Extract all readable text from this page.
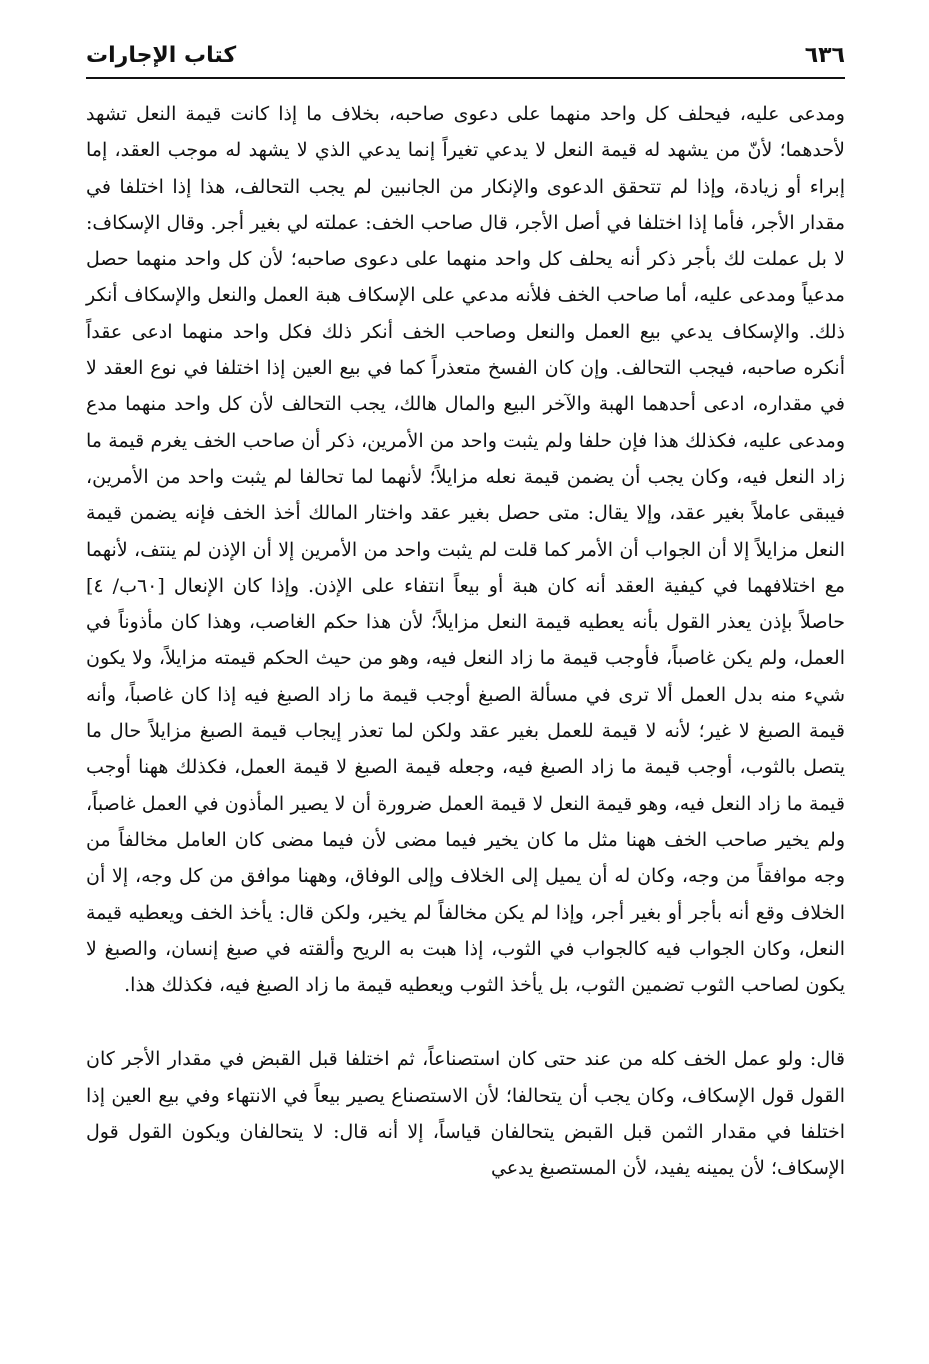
٦٣٦
كتاب الإجارات

ومدعى عليه، فيحلف كل واحد منهما على دعوى صاحبه، بخلاف ما إذا كانت قيمة النعل تشهد لأحدهما؛ لأنّ من يشهد له قيمة النعل لا يدعي تغيراً إنما يدعي الذي لا يشهد له موجب العقد، إما إبراء أو زيادة، وإذا لم تتحقق الدعوى والإنكار من الجانبين لم يجب التحالف، هذا إذا اختلفا في مقدار الأجر، فأما إذا اختلفا في أصل الأجر، قال صاحب الخف: عملته لي بغير أجر. وقال الإسكاف: لا بل عملت لك بأجر ذكر أنه يحلف كل واحد منهما على دعوى صاحبه؛ لأن كل واحد منهما حصل مدعياً ومدعى عليه، أما صاحب الخف فلأنه مدعي على الإسكاف هبة العمل والنعل والإسكاف أنكر ذلك. والإسكاف يدعي بيع العمل والنعل وصاحب الخف أنكر ذلك فكل واحد منهما ادعى عقداً أنكره صاحبه، فيجب التحالف. وإن كان الفسخ متعذراً كما في بيع العين إذا اختلفا في نوع العقد لا في مقداره، ادعى أحدهما الهبة والآخر البيع والمال هالك، يجب التحالف لأن كل واحد منهما مدع ومدعى عليه، فكذلك هذا فإن حلفا ولم يثبت واحد من الأمرين، ذكر أن صاحب الخف يغرم قيمة ما زاد النعل فيه، وكان يجب أن يضمن قيمة نعله مزايلاً؛ لأنهما لما تحالفا لم يثبت واحد من الأمرين، فيبقى عاملاً بغير عقد، وإلا يقال: متى حصل بغير عقد واختار المالك أخذ الخف فإنه يضمن قيمة النعل مزايلاً إلا أن الجواب أن الأمر كما قلت لم يثبت واحد من الأمرين إلا أن الإذن لم ينتف، لأنهما مع اختلافهما في كيفية العقد أنه كان هبة أو بيعاً انتفاء على الإذن. وإذا كان الإنعال [٦٠ب/ ٤] حاصلاً بإذن يعذر القول بأنه يعطيه قيمة النعل مزايلاً؛ لأن هذا حكم الغاصب، وهذا كان مأذوناً في العمل، ولم يكن غاصباً، فأوجب قيمة ما زاد النعل فيه، وهو من حيث الحكم قيمته مزايلاً، ولا يكون شيء منه بدل العمل ألا ترى في مسألة الصبغ أوجب قيمة ما زاد الصبغ فيه إذا كان غاصباً، وأنه قيمة الصبغ لا غير؛ لأنه لا قيمة للعمل بغير عقد ولكن لما تعذر إيجاب قيمة الصبغ مزايلاً حال ما يتصل بالثوب، أوجب قيمة ما زاد الصبغ فيه، وجعله قيمة الصبغ لا قيمة العمل، فكذلك ههنا أوجب قيمة ما زاد النعل فيه، وهو قيمة النعل لا قيمة العمل ضرورة أن لا يصير المأذون في العمل غاصباً، ولم يخير صاحب الخف ههنا مثل ما كان يخير فيما مضى لأن فيما مضى كان العامل مخالفاً من وجه موافقاً من وجه، وكان له أن يميل إلى الخلاف وإلى الوفاق، وههنا موافق من كل وجه، إلا أن الخلاف وقع أنه بأجر أو بغير أجر، وإذا لم يكن مخالفاً لم يخير، ولكن قال: يأخذ الخف ويعطيه قيمة النعل، وكان الجواب فيه كالجواب في الثوب، إذا هبت به الريح وألقته في صبغ إنسان، والصبغ لا يكون لصاحب الثوب تضمين الثوب، بل يأخذ الثوب ويعطيه قيمة ما زاد الصبغ فيه، فكذلك هذا.

قال: ولو عمل الخف كله من عند حتى كان استصناعاً، ثم اختلفا قبل القبض في مقدار الأجر كان القول قول الإسكاف، وكان يجب أن يتحالفا؛ لأن الاستصناع يصير بيعاً في الانتهاء وفي بيع العين إذا اختلفا في مقدار الثمن قبل القبض يتحالفان قياساً، إلا أنه قال: لا يتحالفان ويكون القول قول الإسكاف؛ لأن يمينه يفيد، لأن المستصبغ يدعي
